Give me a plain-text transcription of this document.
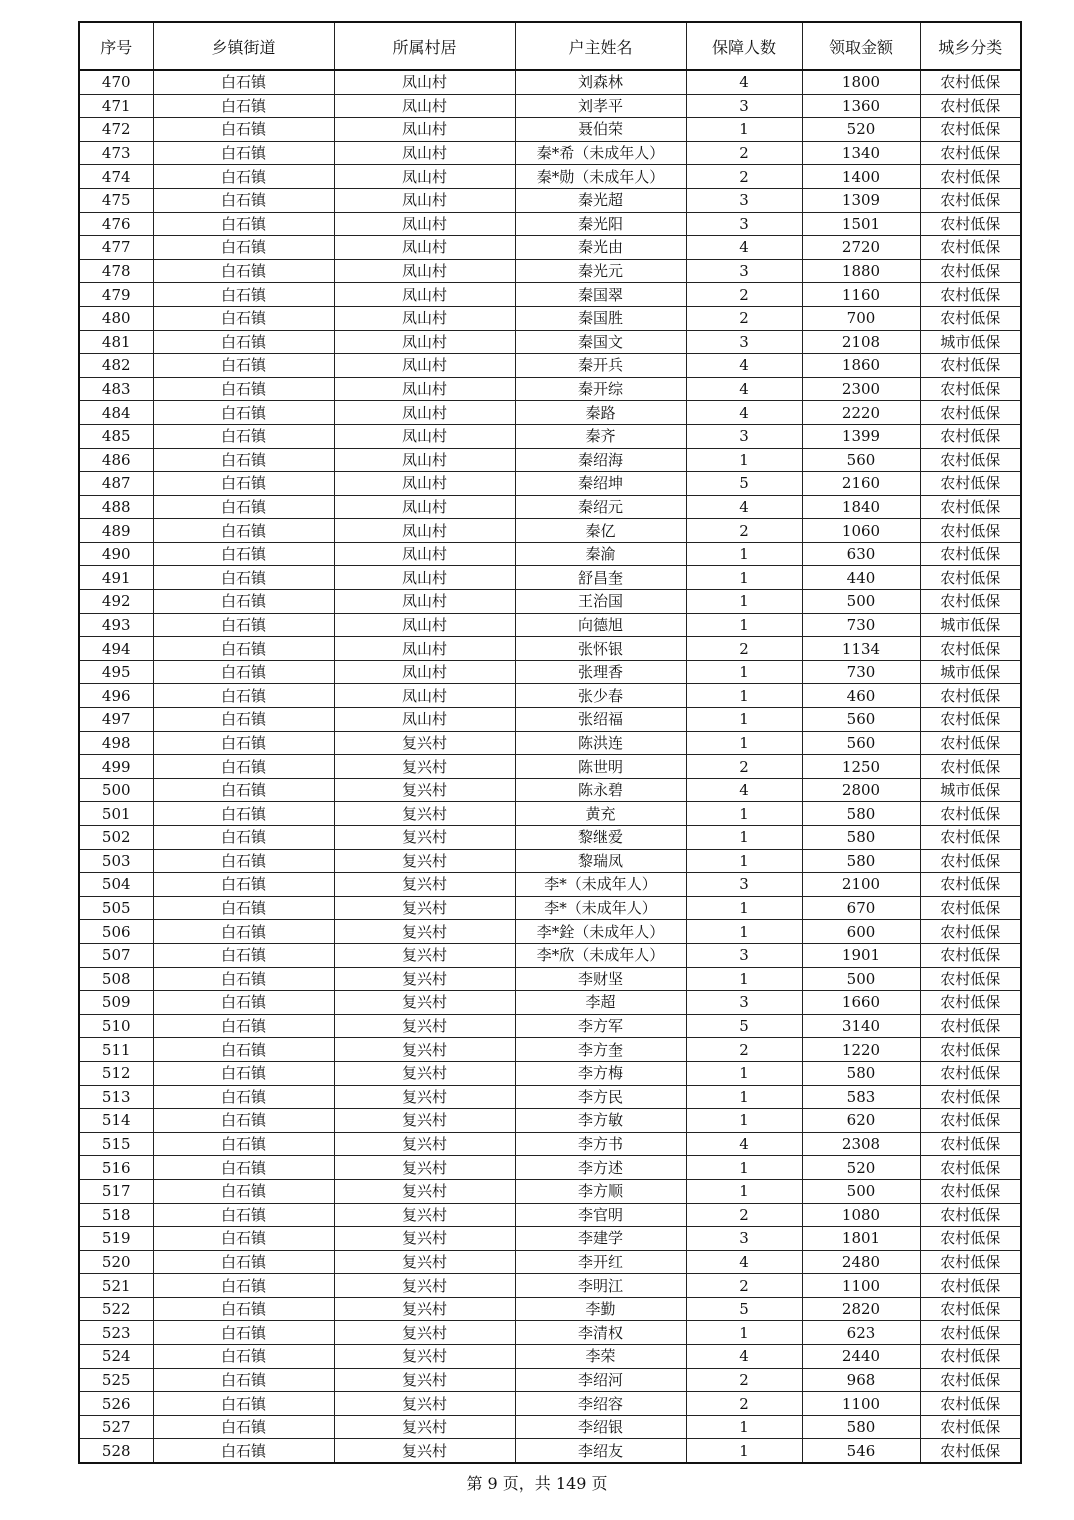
序号	乡镇街道	所属村居	户主姓名	保障人数	领取金额	城乡分类
470	白石镇	凤山村	刘森林	4	1800	农村低保
471	白石镇	凤山村	刘孝平	3	1360	农村低保
472	白石镇	凤山村	聂伯荣	1	520	农村低保
473	白石镇	凤山村	秦*希（未成年人）	2	1340	农村低保
474	白石镇	凤山村	秦*勋（未成年人）	2	1400	农村低保
475	白石镇	凤山村	秦光超	3	1309	农村低保
476	白石镇	凤山村	秦光阳	3	1501	农村低保
477	白石镇	凤山村	秦光由	4	2720	农村低保
478	白石镇	凤山村	秦光元	3	1880	农村低保
479	白石镇	凤山村	秦国翠	2	1160	农村低保
480	白石镇	凤山村	秦国胜	2	700	农村低保
481	白石镇	凤山村	秦国文	3	2108	城市低保
482	白石镇	凤山村	秦开兵	4	1860	农村低保
483	白石镇	凤山村	秦开综	4	2300	农村低保
484	白石镇	凤山村	秦路	4	2220	农村低保
485	白石镇	凤山村	秦齐	3	1399	农村低保
486	白石镇	凤山村	秦绍海	1	560	农村低保
487	白石镇	凤山村	秦绍坤	5	2160	农村低保
488	白石镇	凤山村	秦绍元	4	1840	农村低保
489	白石镇	凤山村	秦亿	2	1060	农村低保
490	白石镇	凤山村	秦渝	1	630	农村低保
491	白石镇	凤山村	舒昌奎	1	440	农村低保
492	白石镇	凤山村	王治国	1	500	农村低保
493	白石镇	凤山村	向德旭	1	730	城市低保
494	白石镇	凤山村	张怀银	2	1134	农村低保
495	白石镇	凤山村	张理香	1	730	城市低保
496	白石镇	凤山村	张少春	1	460	农村低保
497	白石镇	凤山村	张绍福	1	560	农村低保
498	白石镇	复兴村	陈洪连	1	560	农村低保
499	白石镇	复兴村	陈世明	2	1250	农村低保
500	白石镇	复兴村	陈永碧	4	2800	城市低保
501	白石镇	复兴村	黄充	1	580	农村低保
502	白石镇	复兴村	黎继爱	1	580	农村低保
503	白石镇	复兴村	黎瑞凤	1	580	农村低保
504	白石镇	复兴村	李*（未成年人）	3	2100	农村低保
505	白石镇	复兴村	李*（未成年人）	1	670	农村低保
506	白石镇	复兴村	李*銓（未成年人）	1	600	农村低保
507	白石镇	复兴村	李*欣（未成年人）	3	1901	农村低保
508	白石镇	复兴村	李财坚	1	500	农村低保
509	白石镇	复兴村	李超	3	1660	农村低保
510	白石镇	复兴村	李方军	5	3140	农村低保
511	白石镇	复兴村	李方奎	2	1220	农村低保
512	白石镇	复兴村	李方梅	1	580	农村低保
513	白石镇	复兴村	李方民	1	583	农村低保
514	白石镇	复兴村	李方敏	1	620	农村低保
515	白石镇	复兴村	李方书	4	2308	农村低保
516	白石镇	复兴村	李方述	1	520	农村低保
517	白石镇	复兴村	李方顺	1	500	农村低保
518	白石镇	复兴村	李官明	2	1080	农村低保
519	白石镇	复兴村	李建学	3	1801	农村低保
520	白石镇	复兴村	李开红	4	2480	农村低保
521	白石镇	复兴村	李明江	2	1100	农村低保
522	白石镇	复兴村	李勤	5	2820	农村低保
523	白石镇	复兴村	李清权	1	623	农村低保
524	白石镇	复兴村	李荣	4	2440	农村低保
525	白石镇	复兴村	李绍河	2	968	农村低保
526	白石镇	复兴村	李绍容	2	1100	农村低保
527	白石镇	复兴村	李绍银	1	580	农村低保
528	白石镇	复兴村	李绍友	1	546	农村低保
第 9 页，共 149 页
